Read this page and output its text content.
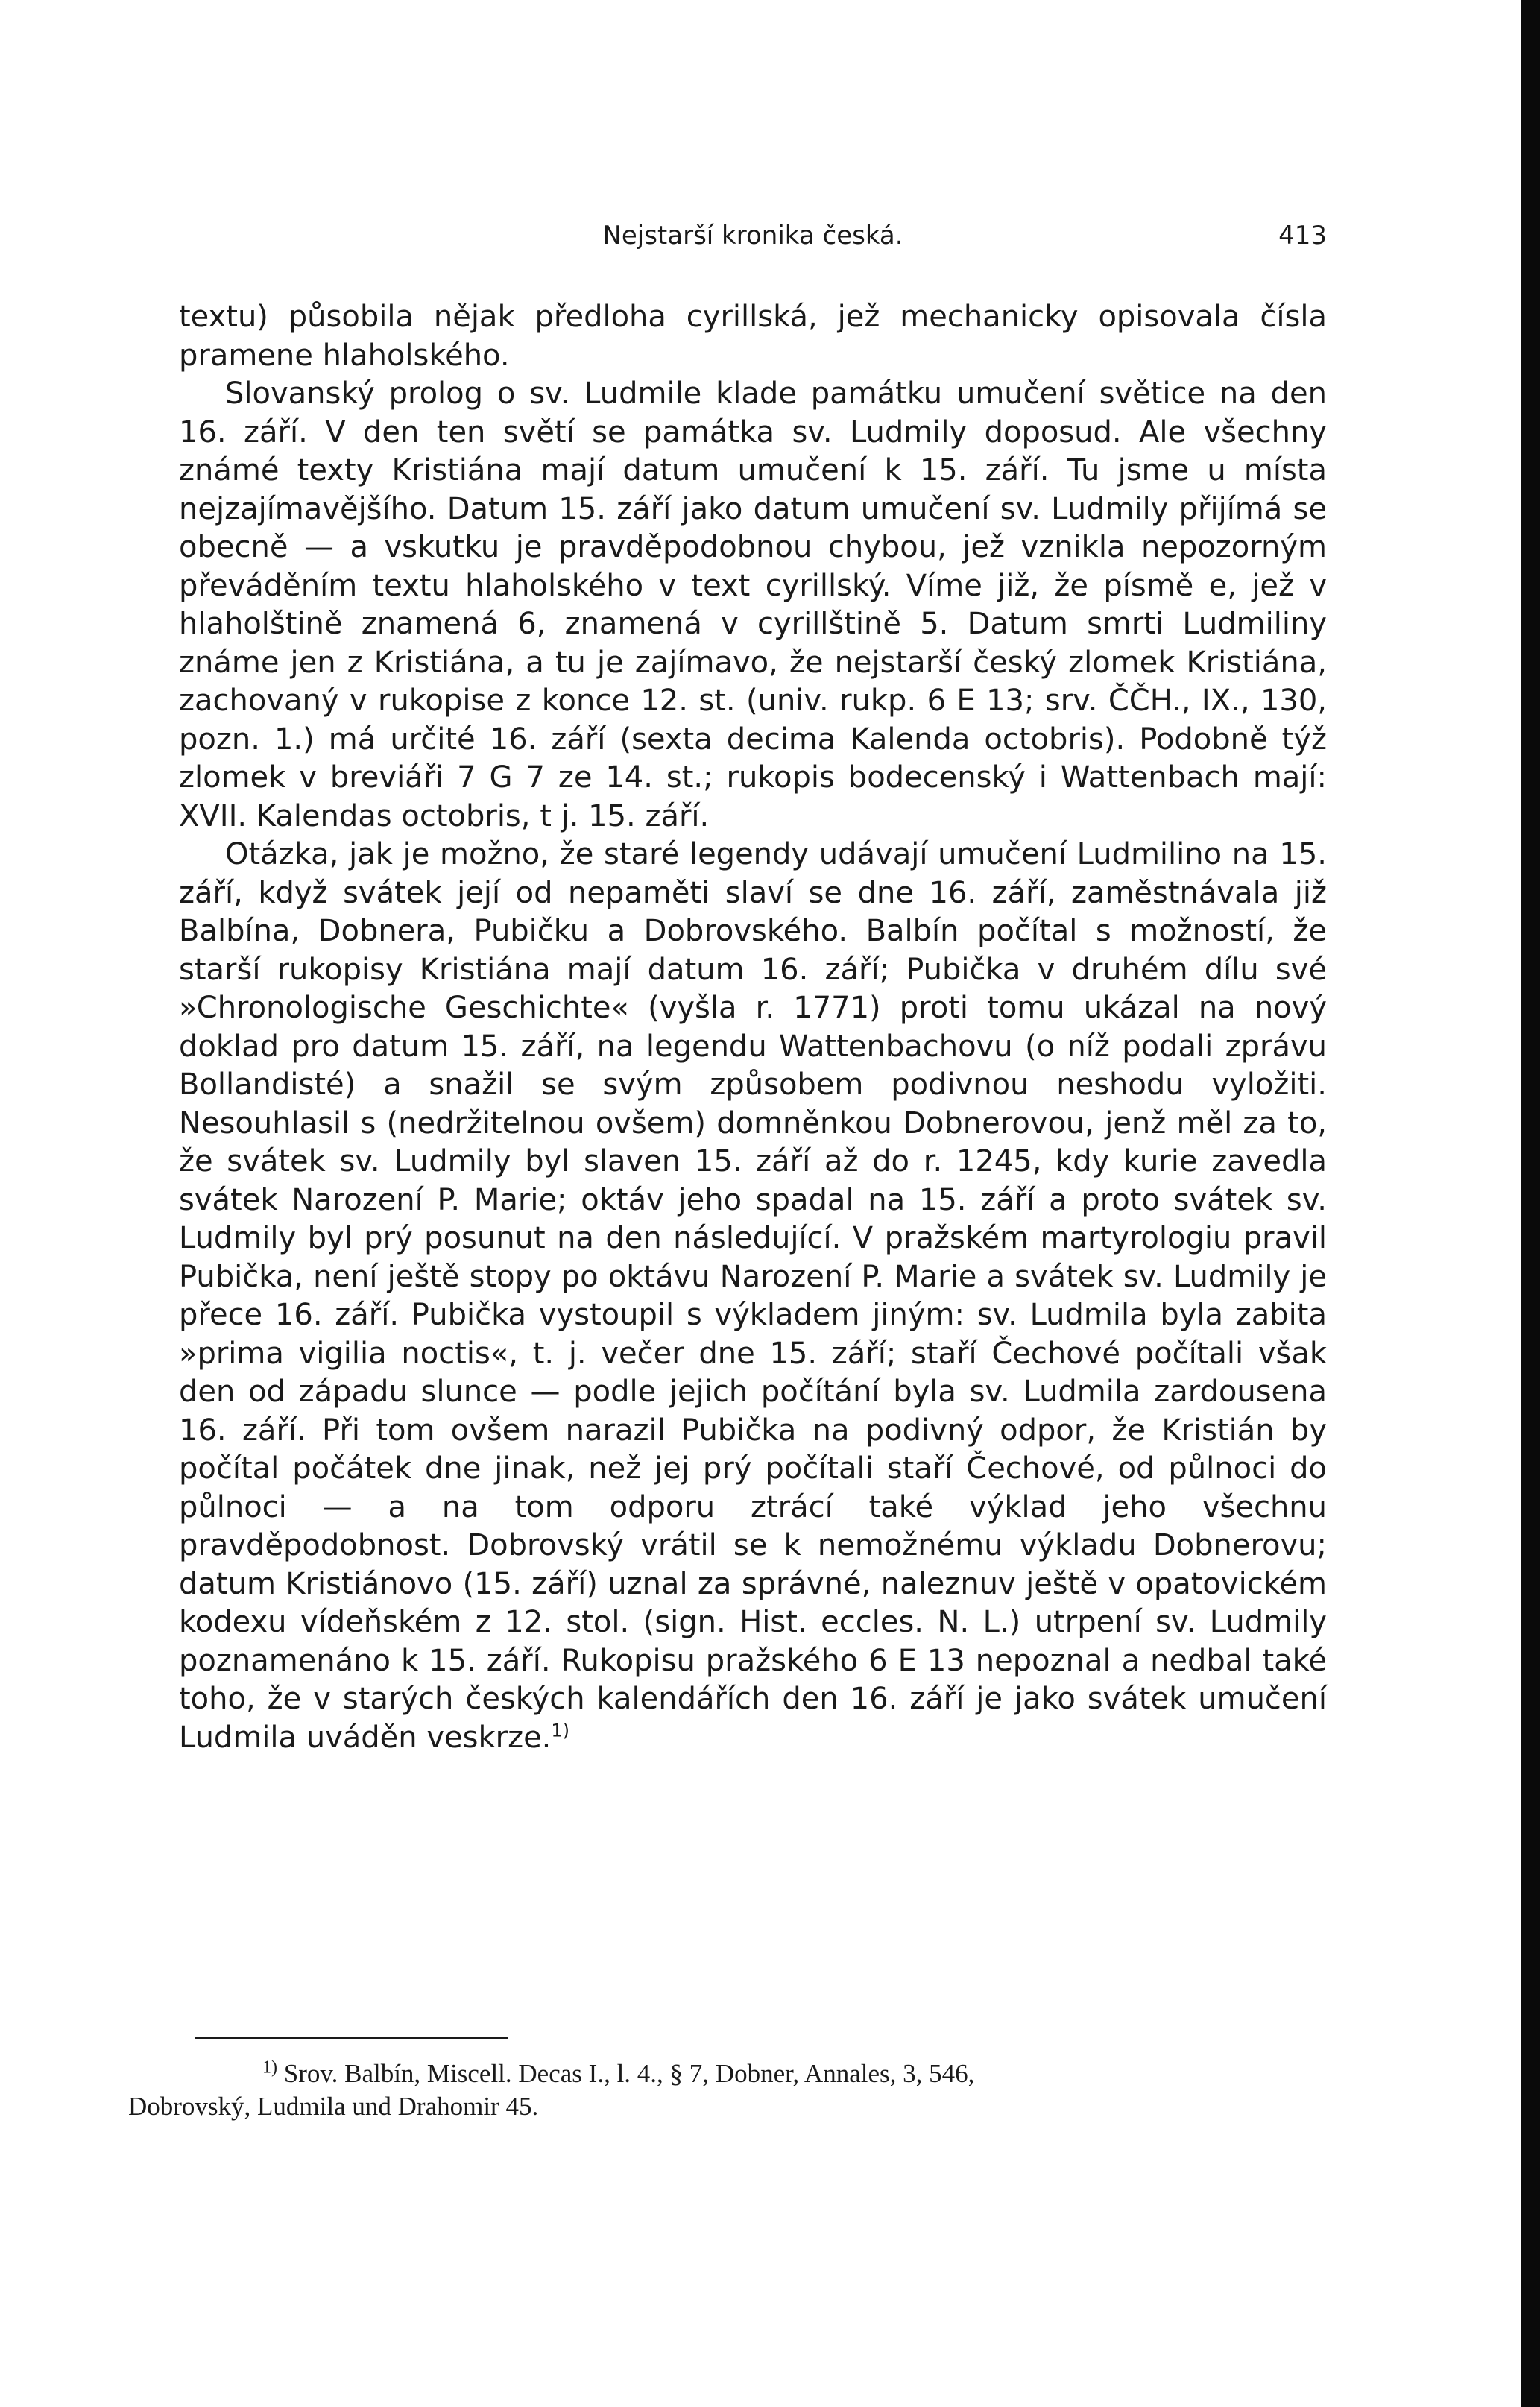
Nejstarší kronika česká.	413

textu) působila nějak předloha cyrillská, jež mechanicky opisovala čísla pramene hlaholského.

Slovanský prolog o sv. Ludmile klade památku umučení světice na den 16. září. V den ten světí se památka sv. Ludmily doposud. Ale všechny známé texty Kristiána mají datum umučení k 15. září. Tu jsme u místa nejzajímavějšího. Datum 15. září jako datum umučení sv. Ludmily přijímá se obecně — a vskutku je pravděpodobnou chybou, jež vznikla nepozorným převáděním textu hlaholského v text cyrillský. Víme již, že písmě e, jež v hlaholštině znamená 6, znamená v cyrillštině 5. Datum smrti Ludmiliny známe jen z Kristiána, a tu je zajímavo, že nejstarší český zlomek Kristiána, zachovaný v rukopise z konce 12. st. (univ. rukp. 6 E 13; srv. ČČH., IX., 130, pozn. 1.) má určité 16. září (sexta decima Kalenda octobris). Podobně týž zlomek v breviáři 7 G 7 ze 14. st.; rukopis bodecenský i Wattenbach mají: XVII. Kalendas octobris, t j. 15. září.

Otázka, jak je možno, že staré legendy udávají umučení Ludmilino na 15. září, když svátek její od nepaměti slaví se dne 16. září, zaměstnávala již Balbína, Dobnera, Pubičku a Dobrovského. Balbín počítal s možností, že starší rukopisy Kristiána mají datum 16. září; Pubička v druhém dílu své »Chronologische Geschichte« (vyšla r. 1771) proti tomu ukázal na nový doklad pro datum 15. září, na legendu Wattenbachovu (o níž podali zprávu Bollandisté) a snažil se svým způsobem podivnou neshodu vyložiti. Nesouhlasil s (nedržitelnou ovšem) domněnkou Dobnerovou, jenž měl za to, že svátek sv. Ludmily byl slaven 15. září až do r. 1245, kdy kurie zavedla svátek Narození P. Marie; oktáv jeho spadal na 15. září a proto svátek sv. Ludmily byl prý posunut na den následující. V pražském martyrologiu pravil Pubička, není ještě stopy po oktávu Narození P. Marie a svátek sv. Ludmily je přece 16. září. Pubička vystoupil s výkladem jiným: sv. Ludmila byla zabita »prima vigilia noctis«, t. j. večer dne 15. září; staří Čechové počítali však den od západu slunce — podle jejich počítání byla sv. Ludmila zardousena 16. září. Při tom ovšem narazil Pubička na podivný odpor, že Kristián by počítal počátek dne jinak, než jej prý počítali staří Čechové, od půlnoci do půlnoci — a na tom odporu ztrácí také výklad jeho všechnu pravděpodobnost. Dobrovský vrátil se k nemožnému výkladu Dobnerovu; datum Kristiánovo (15. září) uznal za správné, naleznuv ještě v opatovickém kodexu vídeňském z 12. stol. (sign. Hist. eccles. N. L.) utrpení sv. Ludmily poznamenáno k 15. září. Rukopisu pražského 6 E 13 nepoznal a nedbal také toho, že v starých českých kalendářích den 16. září je jako svátek umučení Ludmila uváděn veskrze.$^{1)}$

$^{1)}$ Srov. Balbín, Miscell. Decas I., l. 4., § 7, Dobner, Annales, 3, 546,
Dobrovský, Ludmila und Drahomir 45.
